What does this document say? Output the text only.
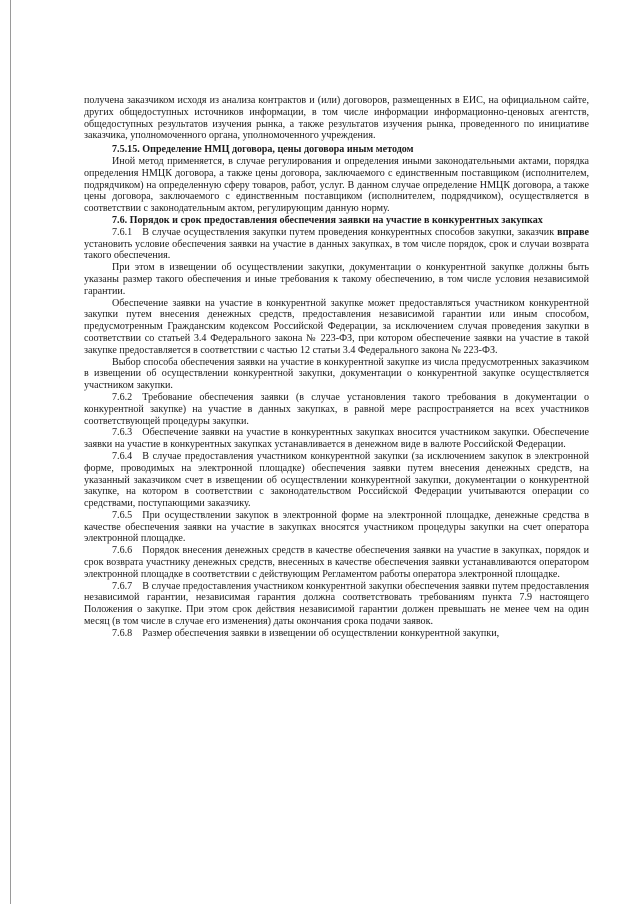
получена заказчиком исходя из анализа контрактов и (или) договоров, размещенных в ЕИС, на официальном сайте, других общедоступных источников информации, в том числе информации информационно-ценовых агентств, общедоступных результатов изучения рынка, а также результатов изучения рынка, проведенного по инициативе заказчика, уполномоченного органа, уполномоченного учреждения.

7.5.15. Определение НМЦ договора, цены договора иным методом

Иной метод применяется, в случае регулирования и определения иными законодательными актами, порядка определения НМЦК договора, а также цены договора, заключаемого с единственным поставщиком (исполнителем, подрядчиком) на определенную сферу товаров, работ, услуг. В данном случае определение НМЦК договора, а также цены договора, заключаемого с единственным поставщиком (исполнителем, подрядчиком), осуществляется в соответствии с законодательным актом, регулирующим данную норму.

7.6. Порядок и срок предоставления обеспечения заявки на участие в конкурентных закупках

7.6.1 В случае осуществления закупки путем проведения конкурентных способов закупки, заказчик вправе установить условие обеспечения заявки на участие в данных закупках, в том числе порядок, срок и случаи возврата такого обеспечения.

При этом в извещении об осуществлении закупки, документации о конкурентной закупке должны быть указаны размер такого обеспечения и иные требования к такому обеспечению, в том числе условия независимой гарантии.

Обеспечение заявки на участие в конкурентной закупке может предоставляться участником конкурентной закупки путем внесения денежных средств, предоставления независимой гарантии или иным способом, предусмотренным Гражданским кодексом Российской Федерации, за исключением случая проведения закупки в соответствии со статьей 3.4 Федерального закона № 223-ФЗ, при котором обеспечение заявки на участие в такой закупке предоставляется в соответствии с частью 12 статьи 3.4 Федерального закона № 223-ФЗ.

Выбор способа обеспечения заявки на участие в конкурентной закупке из числа предусмотренных заказчиком в извещении об осуществлении конкурентной закупки, документации о конкурентной закупке осуществляется участником закупки.

7.6.2 Требование обеспечения заявки (в случае установления такого требования в документации о конкурентной закупке) на участие в данных закупках, в равной мере распространяется на всех участников соответствующей процедуры закупки.

7.6.3 Обеспечение заявки на участие в конкурентных закупках вносится участником закупки. Обеспечение заявки на участие в конкурентных закупках устанавливается в денежном виде в валюте Российской Федерации.

7.6.4 В случае предоставления участником конкурентной закупки (за исключением закупок в электронной форме, проводимых на электронной площадке) обеспечения заявки путем внесения денежных средств, на указанный заказчиком счет в извещении об осуществлении конкурентной закупки, документации о конкурентной закупке, на котором в соответствии с законодательством Российской Федерации учитываются операции со средствами, поступающими заказчику.

7.6.5 При осуществлении закупок в электронной форме на электронной площадке, денежные средства в качестве обеспечения заявки на участие в закупках вносятся участником процедуры закупки на счет оператора электронной площадке.

7.6.6 Порядок внесения денежных средств в качестве обеспечения заявки на участие в закупках, порядок и срок возврата участнику денежных средств, внесенных в качестве обеспечения заявки устанавливаются оператором электронной площадке в соответствии с действующим Регламентом работы оператора электронной площадке.

7.6.7 В случае предоставления участником конкурентной закупки обеспечения заявки путем предоставления независимой гарантии, независимая гарантия должна соответствовать требованиям пункта 7.9 настоящего Положения о закупке. При этом срок действия независимой гарантии должен превышать не менее чем на один месяц (в том числе в случае его изменения) даты окончания срока подачи заявок.

7.6.8 Размер обеспечения заявки в извещении об осуществлении конкурентной закупки,
